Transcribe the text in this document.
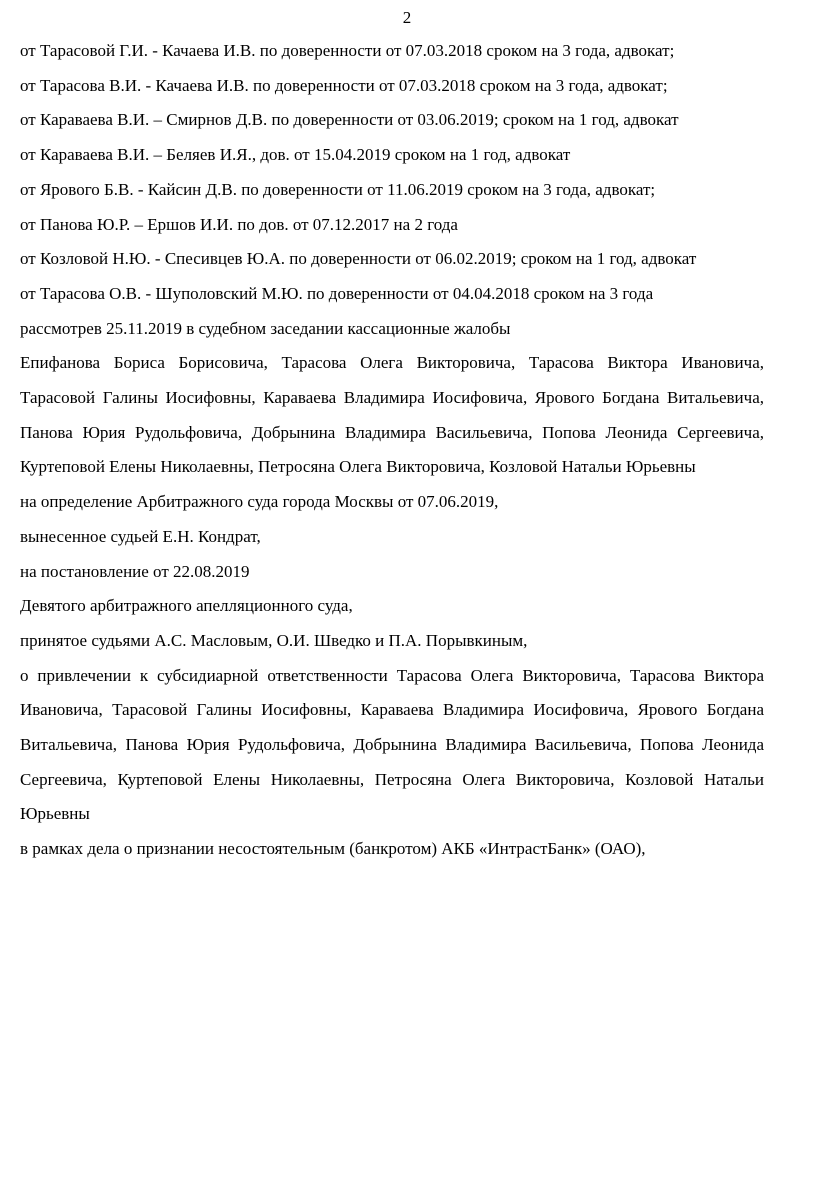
2

от Тарасовой Г.И. - Качаева И.В. по доверенности от 07.03.2018 сроком на 3 года, адвокат;

от Тарасова В.И. - Качаева И.В. по доверенности от 07.03.2018 сроком на 3 года, адвокат;

от Караваева В.И. – Смирнов Д.В. по доверенности от 03.06.2019; сроком на 1 год, адвокат

от Караваева В.И. – Беляев И.Я., дов. от 15.04.2019 сроком на 1 год, адвокат

от Ярового Б.В. - Кайсин Д.В. по доверенности от 11.06.2019 сроком на 3 года, адвокат;

от Панова Ю.Р. – Ершов И.И. по дов. от 07.12.2017 на 2 года

от Козловой Н.Ю. - Спесивцев Ю.А. по доверенности от 06.02.2019; сроком на 1 год, адвокат

от Тарасова О.В. - Шуполовский М.Ю. по доверенности от 04.04.2018 сроком на 3 года

рассмотрев 25.11.2019 в судебном заседании кассационные жалобы

Епифанова Бориса Борисовича, Тарасова Олега Викторовича, Тарасова Виктора Ивановича, Тарасовой Галины Иосифовны, Караваева Владимира Иосифовича, Ярового Богдана Витальевича, Панова Юрия Рудольфовича, Добрынина Владимира Васильевича, Попова Леонида Сергеевича, Куртеповой Елены Николаевны, Петросяна Олега Викторовича, Козловой Натальи Юрьевны

на определение Арбитражного суда города Москвы от 07.06.2019,

вынесенное судьей Е.Н. Кондрат,

на постановление от 22.08.2019

Девятого арбитражного апелляционного суда,

принятое судьями А.С. Масловым, О.И. Шведко и П.А. Порывкиным,

о привлечении к субсидиарной ответственности Тарасова Олега Викторовича, Тарасова Виктора Ивановича, Тарасовой Галины Иосифовны, Караваева Владимира Иосифовича, Ярового Богдана Витальевича, Панова Юрия Рудольфовича, Добрынина Владимира Васильевича, Попова Леонида Сергеевича, Куртеповой Елены Николаевны, Петросяна Олега Викторовича, Козловой Натальи Юрьевны

в рамках дела о признании несостоятельным (банкротом) АКБ «ИнтрастБанк» (ОАО),
